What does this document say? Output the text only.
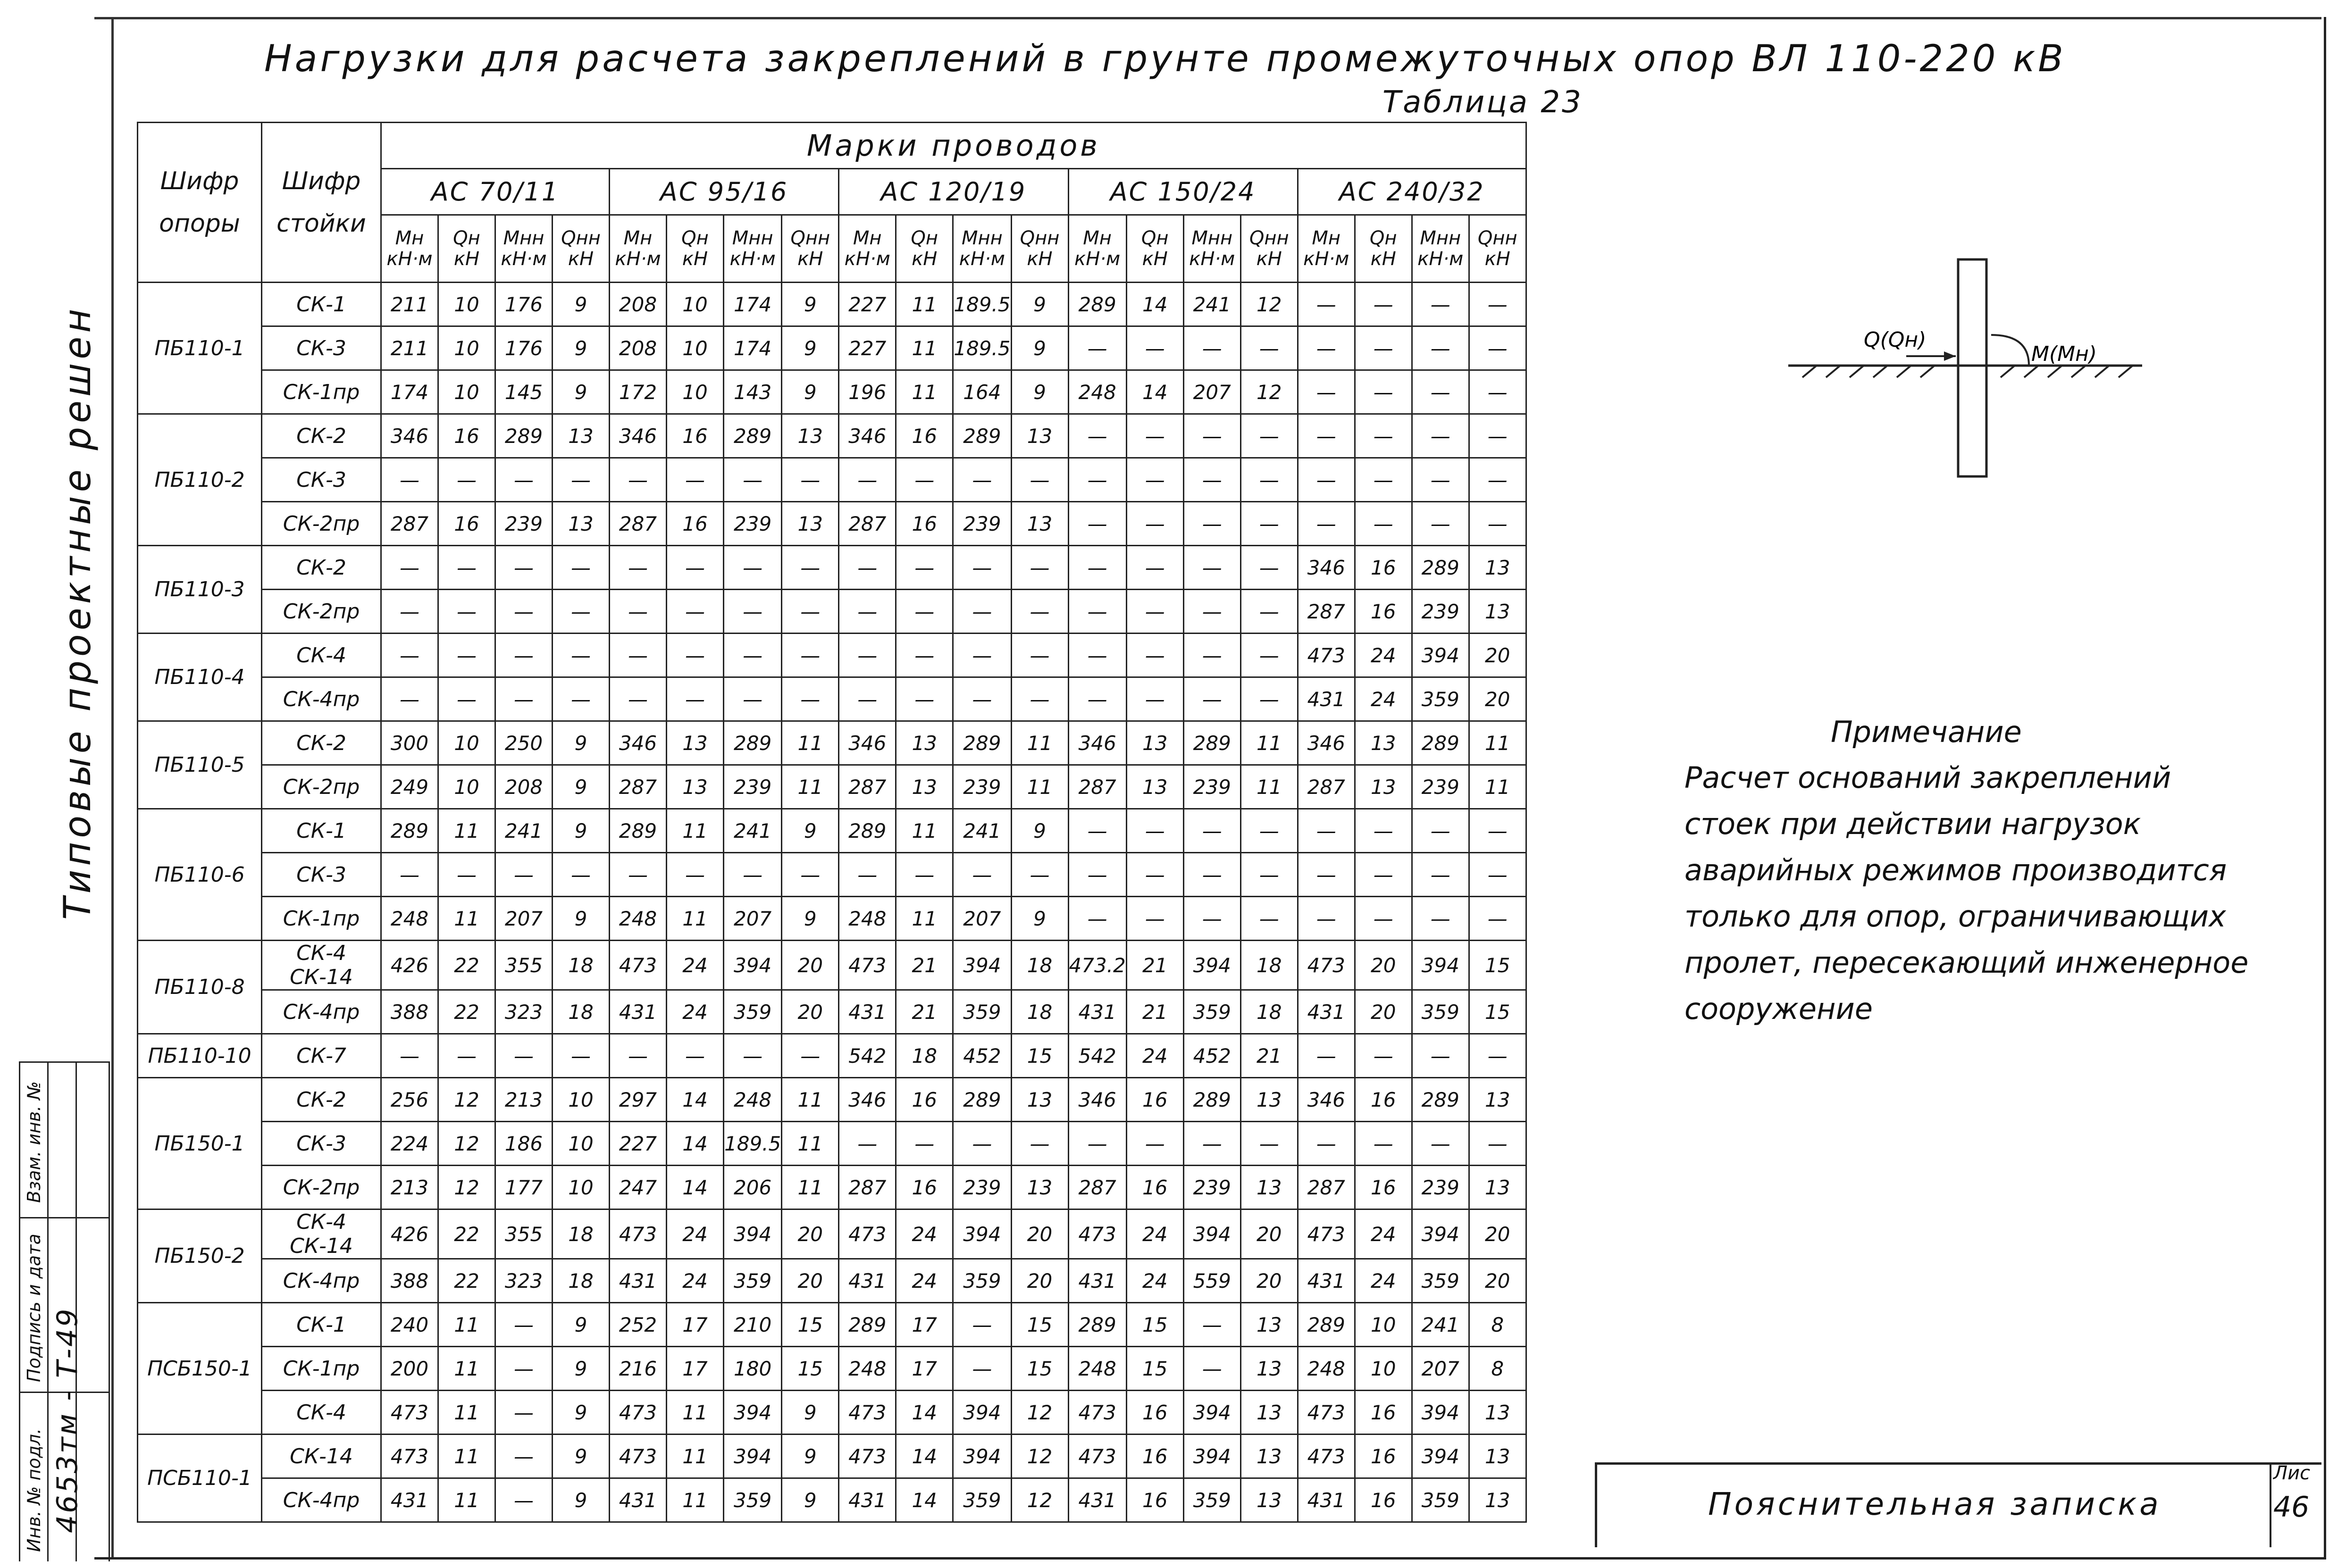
Нагрузки для расчета закреплений в грунте промежуточных опор ВЛ 110-220 кВ
Таблица 23
Типовые проектные решен
Шифр опоры	Шифр стойки	Марки проводов																			
		АС 70/11				АС 95/16				АС 120/19				АС 150/24				АС 240/32			
		Mн кН·м	Qн кН	Mнн кН·м	Qнн кН	Mн кН·м	Qн кН	Mнн кН·м	Qнн кН	Mн кН·м	Qн кН	Mнн кН·м	Qнн кН	Mн кН·м	Qн кН	Mнн кН·м	Qнн кН	Mн кН·м	Qн кН	Mнн кН·м	Qнн кН
ПБ110-1	СК-1	211	10	176	9	208	10	174	9	227	11	189.5	9	289	14	241	12	—	—	—	—
	СК-3	211	10	176	9	208	10	174	9	227	11	189.5	9	—	—	—	—	—	—	—	—
	СК-1пр	174	10	145	9	172	10	143	9	196	11	164	9	248	14	207	12	—	—	—	—
ПБ110-2	СК-2	346	16	289	13	346	16	289	13	346	16	289	13	—	—	—	—	—	—	—	—
	СК-3	—	—	—	—	—	—	—	—	—	—	—	—	—	—	—	—	—	—	—	—
	СК-2пр	287	16	239	13	287	16	239	13	287	16	239	13	—	—	—	—	—	—	—	—
ПБ110-3	СК-2	—	—	—	—	—	—	—	—	—	—	—	—	—	—	—	—	346	16	289	13
	СК-2пр	—	—	—	—	—	—	—	—	—	—	—	—	—	—	—	—	287	16	239	13
ПБ110-4	СК-4	—	—	—	—	—	—	—	—	—	—	—	—	—	—	—	—	473	24	394	20
	СК-4пр	—	—	—	—	—	—	—	—	—	—	—	—	—	—	—	—	431	24	359	20
ПБ110-5	СК-2	300	10	250	9	346	13	289	11	346	13	289	11	346	13	289	11	346	13	289	11
	СК-2пр	249	10	208	9	287	13	239	11	287	13	239	11	287	13	239	11	287	13	239	11
ПБ110-6	СК-1	289	11	241	9	289	11	241	9	289	11	241	9	—	—	—	—	—	—	—	—
	СК-3	—	—	—	—	—	—	—	—	—	—	—	—	—	—	—	—	—	—	—	—
	СК-1пр	248	11	207	9	248	11	207	9	248	11	207	9	—	—	—	—	—	—	—	—
ПБ110-8	СК-4 СК-14	426	22	355	18	473	24	394	20	473	21	394	18	473.2	21	394	18	473	20	394	15
	СК-4пр	388	22	323	18	431	24	359	20	431	21	359	18	431	21	359	18	431	20	359	15
ПБ110-10	СК-7	—	—	—	—	—	—	—	—	542	18	452	15	542	24	452	21	—	—	—	—
ПБ150-1	СК-2	256	12	213	10	297	14	248	11	346	16	289	13	346	16	289	13	346	16	289	13
	СК-3	224	12	186	10	227	14	189.5	11	—	—	—	—	—	—	—	—	—	—	—	—
	СК-2пр	213	12	177	10	247	14	206	11	287	16	239	13	287	16	239	13	287	16	239	13
ПБ150-2	СК-4 СК-14	426	22	355	18	473	24	394	20	473	24	394	20	473	24	394	20	473	24	394	20
	СК-4пр	388	22	323	18	431	24	359	20	431	24	359	20	431	24	559	20	431	24	359	20
ПСБ150-1	СК-1	240	11	—	9	252	17	210	15	289	17	—	15	289	15	—	13	289	10	241	8
	СК-1пр	200	11	—	9	216	17	180	15	248	17	—	15	248	15	—	13	248	10	207	8
	СК-4	473	11	—	9	473	11	394	9	473	14	394	12	473	16	394	13	473	16	394	13
ПСБ110-1	СК-14	473	11	—	9	473	11	394	9	473	14	394	12	473	16	394	13	473	16	394	13
	СК-4пр	431	11	—	9	431	11	359	9	431	14	359	12	431	16	359	13	431	16	359	13
Q(Qн)
M(Mн)
Примечание
Расчет оснований закреплений
стоек при действии нагрузок
аварийных режимов производится
только для опор, ограничивающих
пролет, пересекающий инженерное
сооружение
Пояснительная записка
Лис
46
Взам. инв. №
Подпись и дата
Инв. № подл. 4653тм - Т-49
